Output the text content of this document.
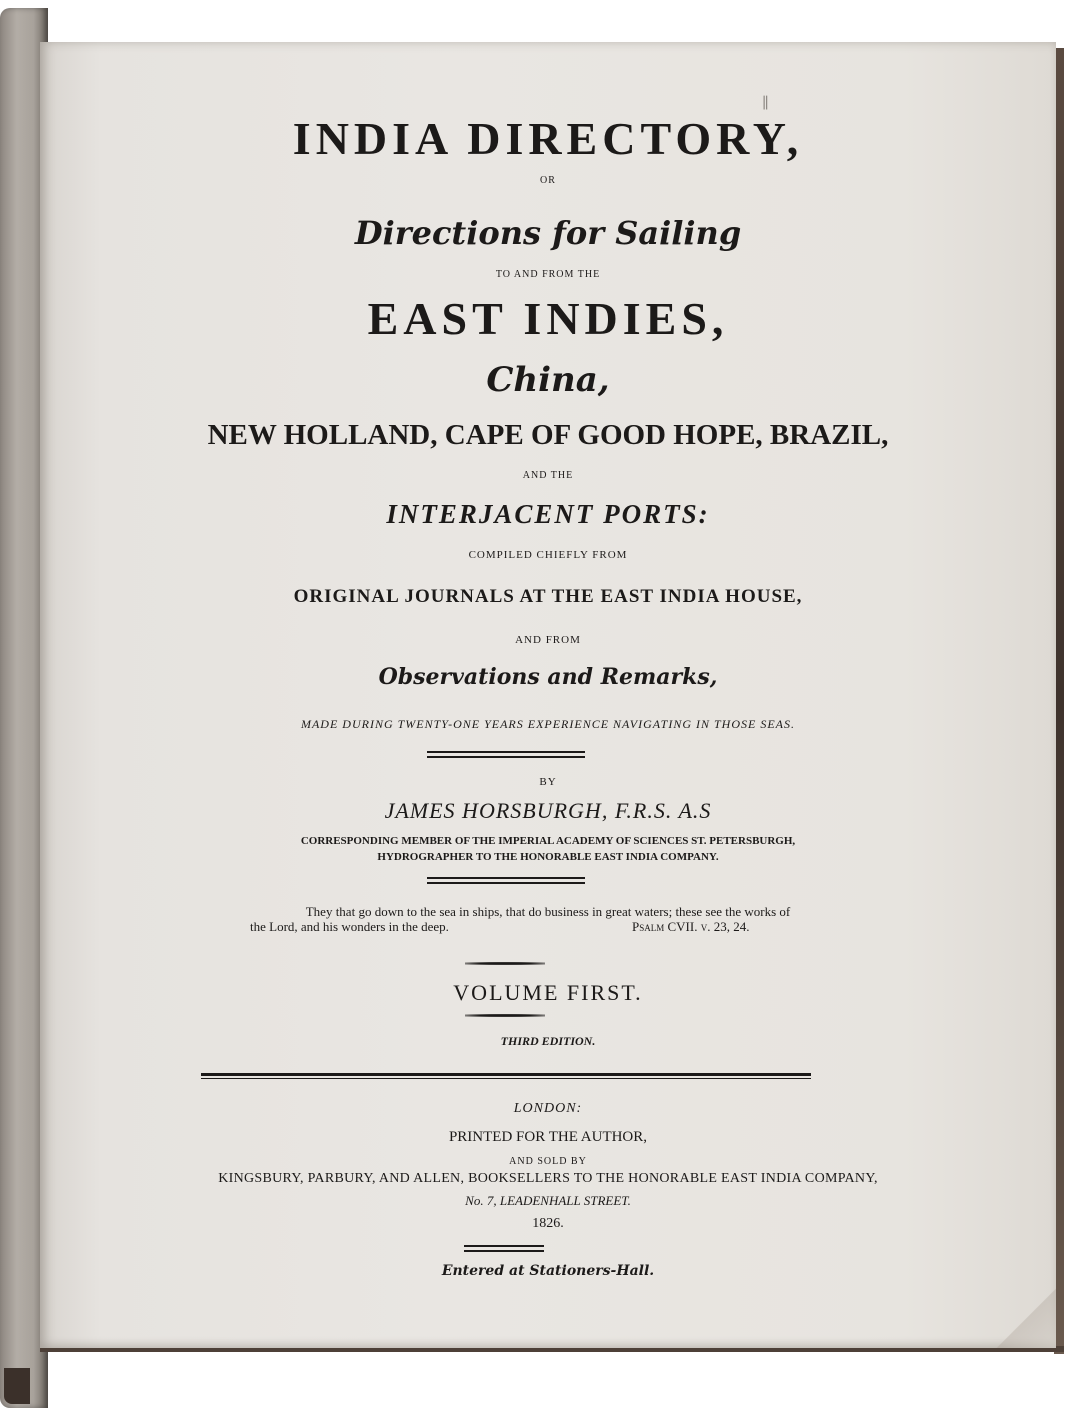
∥
INDIA DIRECTORY,
OR
Directions for Sailing
TO AND FROM THE
EAST INDIES,
China,
NEW HOLLAND, CAPE OF GOOD HOPE, BRAZIL,
AND THE
INTERJACENT PORTS:
COMPILED CHIEFLY FROM
ORIGINAL JOURNALS AT THE EAST INDIA HOUSE,
AND FROM
Observations and Remarks,
MADE DURING TWENTY-ONE YEARS EXPERIENCE NAVIGATING IN THOSE SEAS.
BY
JAMES HORSBURGH, F.R.S. A.S
CORRESPONDING MEMBER OF THE IMPERIAL ACADEMY OF SCIENCES ST. PETERSBURGH,
HYDROGRAPHER TO THE HONORABLE EAST INDIA COMPANY.
They that go down to the sea in ships, that do business in great waters; these see the works of
the Lord, and his wonders in the deep.	Psalm CVII. v. 23, 24.
VOLUME FIRST.
THIRD EDITION.
LONDON:
PRINTED FOR THE AUTHOR,
AND SOLD BY
KINGSBURY, PARBURY, AND ALLEN, BOOKSELLERS TO THE HONORABLE EAST INDIA COMPANY,
No. 7, LEADENHALL STREET.
1826.
Entered at Stationers-Hall.
